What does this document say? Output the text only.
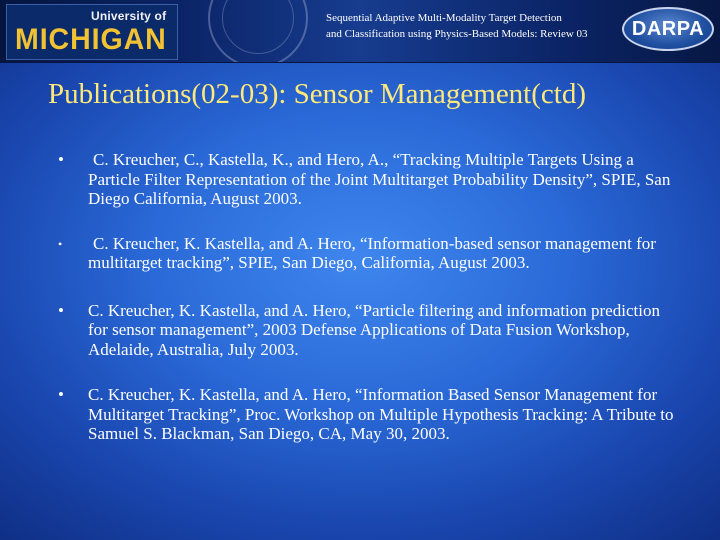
University of
MICHIGAN

Sequential Adaptive Multi-Modality Target Detection
and Classification using Physics-Based Models: Review 03	DARPA
Publications(02-03): Sensor Management(ctd)
• C. Kreucher, C., Kastella, K., and Hero, A., “Tracking Multiple Targets Using a Particle Filter Representation of the Joint Multitarget Probability Density”, SPIE, San Diego California, August 2003.
• C. Kreucher, K. Kastella, and A. Hero, “Information-based sensor management for multitarget tracking”, SPIE, San Diego, California, August 2003.
• C. Kreucher, K. Kastella, and A. Hero, “Particle filtering and information prediction for sensor management”, 2003 Defense Applications of Data Fusion Workshop, Adelaide, Australia, July 2003.
• C. Kreucher, K. Kastella, and A. Hero, “Information Based Sensor Management for Multitarget Tracking”, Proc. Workshop on Multiple Hypothesis Tracking: A Tribute to Samuel S. Blackman, San Diego, CA, May 30, 2003.
